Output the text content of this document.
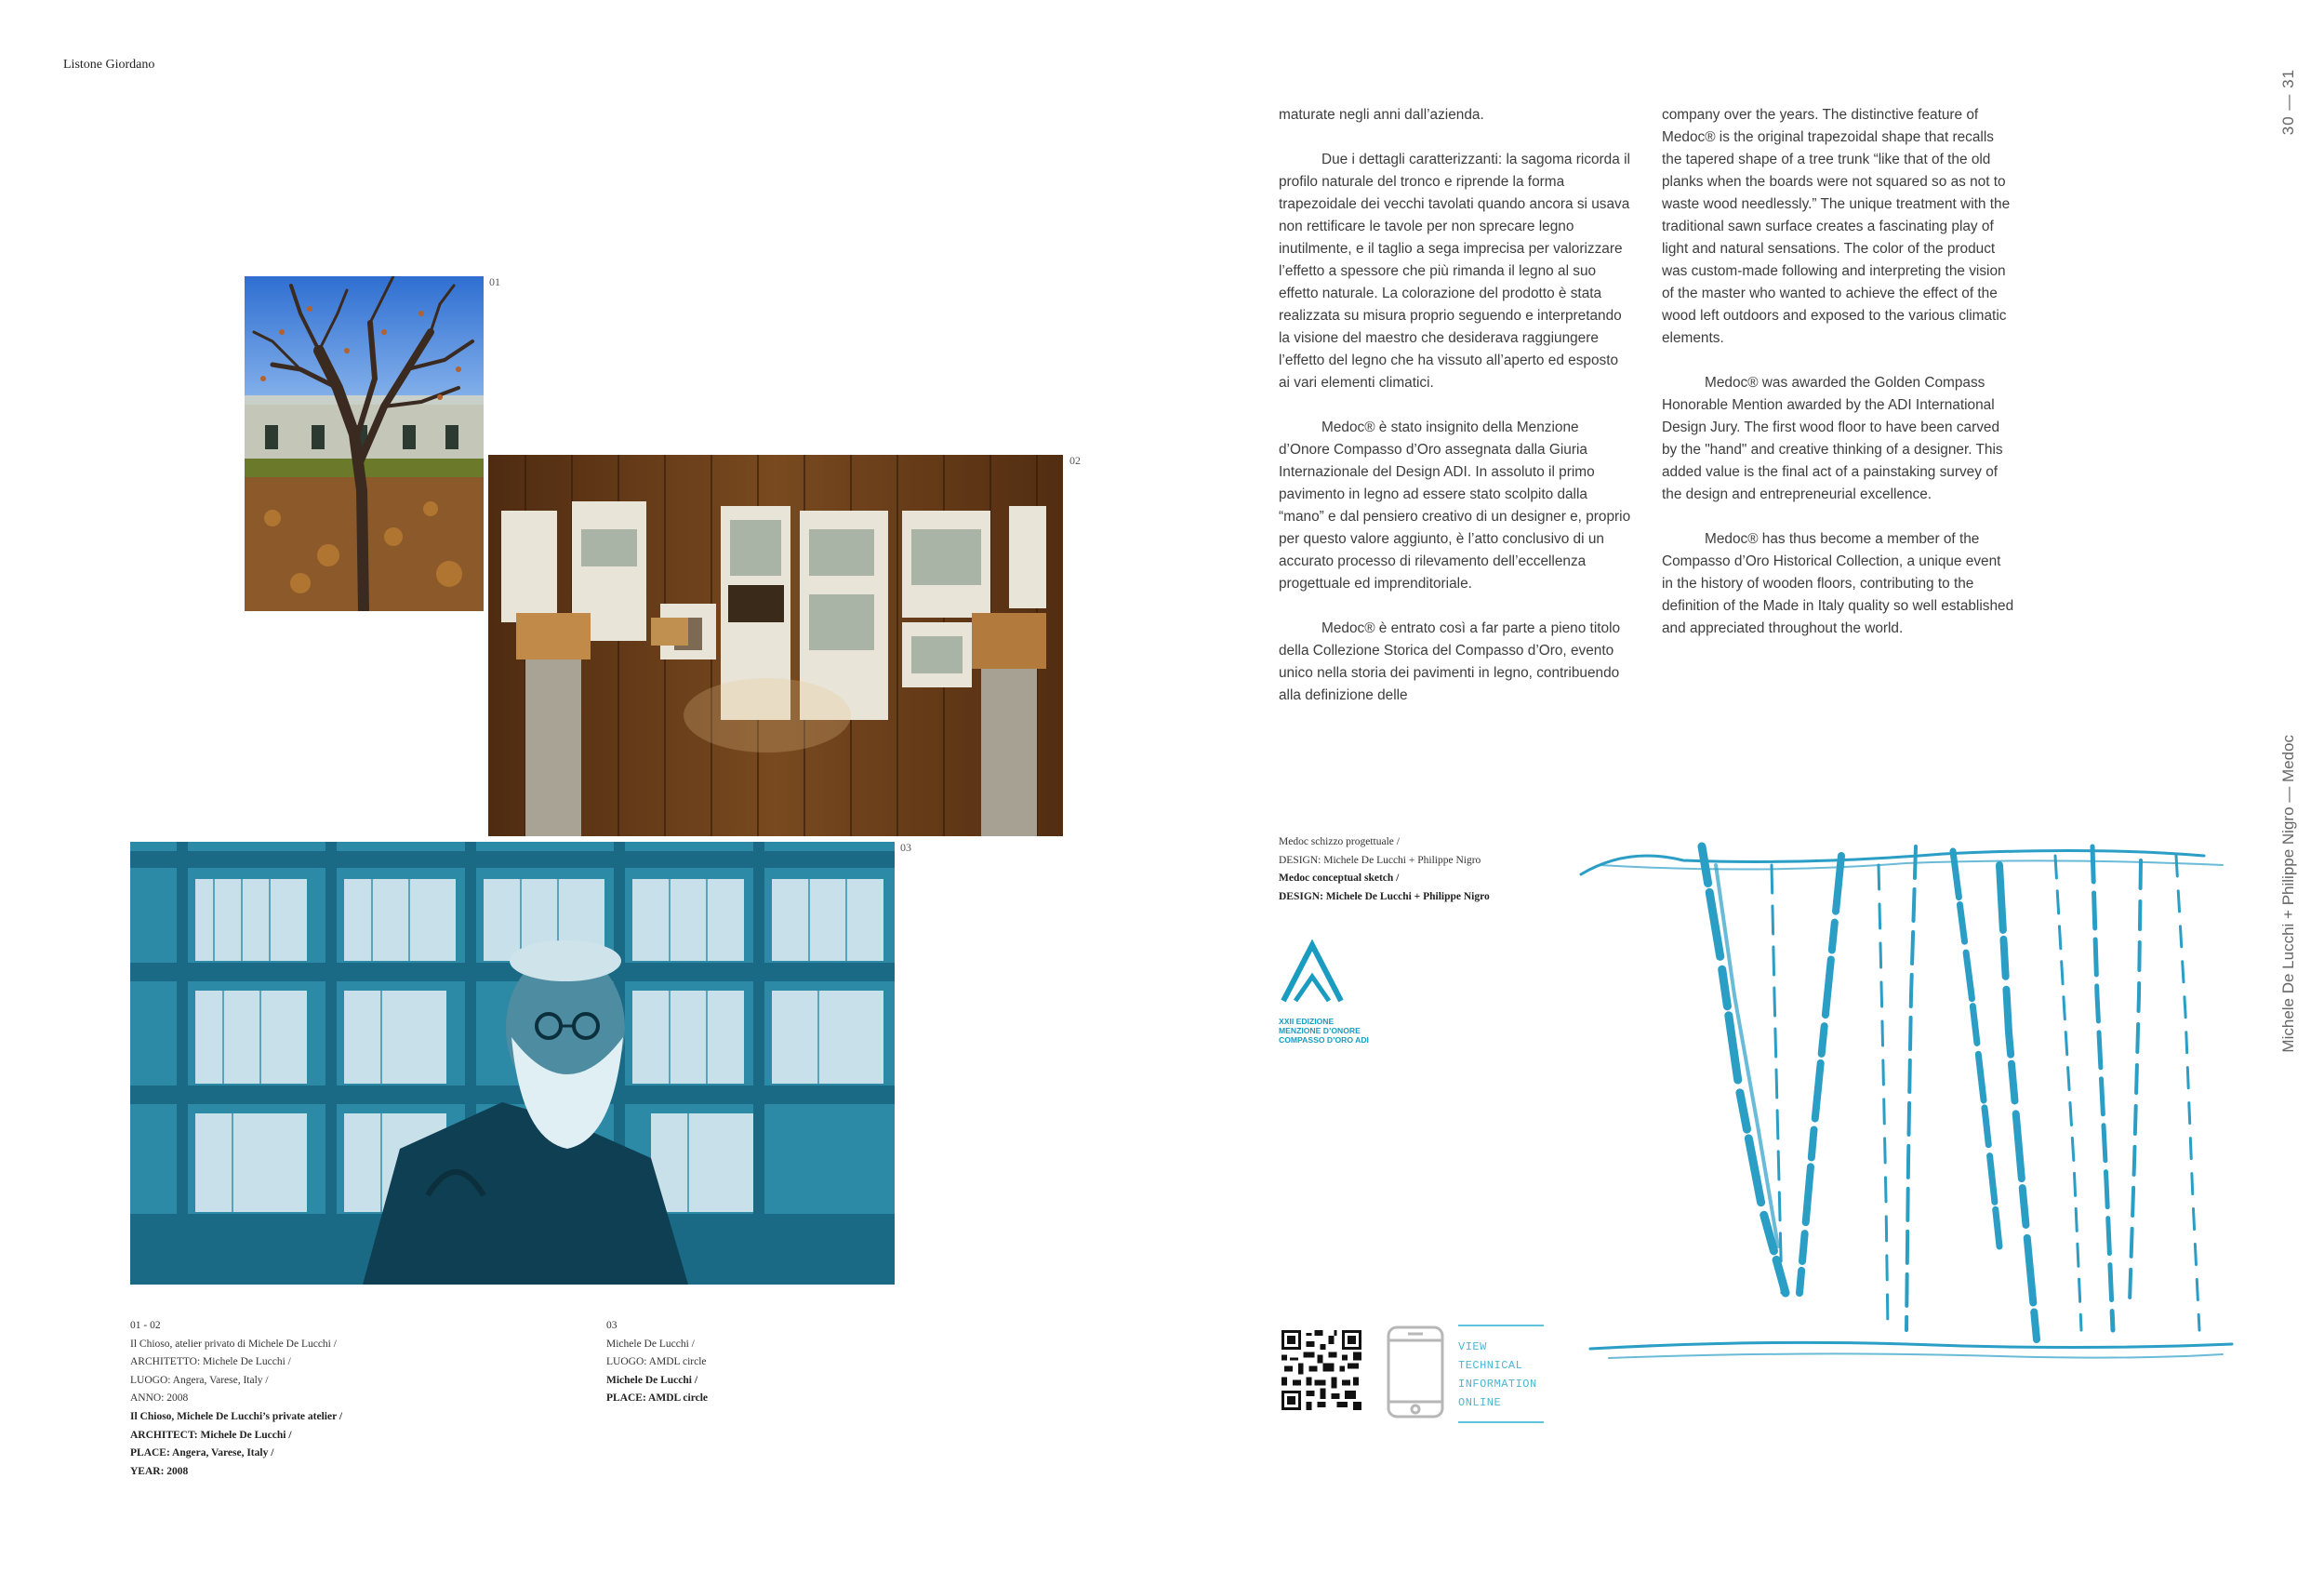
Listone Giordano
30 — 31
Michele De Lucchi + Philippe Nigro — Medoc
01
02
03

maturate negli anni dall’azienda.

Due i dettagli caratterizzanti: la sagoma ricorda il profilo naturale del tronco e riprende la forma trapezoidale dei vecchi tavolati quando ancora si usava non rettificare le tavole per non sprecare legno inutilmente, e il taglio a sega imprecisa per valorizzare l’effetto a spessore che più rimanda il legno al suo effetto naturale. La colorazione del prodotto è stata realizzata su misura proprio seguendo e interpretando la visione del maestro che desiderava raggiungere l’effetto del legno che ha vissuto all’aperto ed esposto ai vari elementi climatici.

Medoc® è stato insignito della Menzione d’Onore Compasso d’Oro assegnata dalla Giuria Internazionale del Design ADI. In assoluto il primo pavimento in legno ad essere stato scolpito dalla “mano” e dal pensiero creativo di un designer e, proprio per questo valore aggiunto, è l’atto conclusivo di un accurato processo di rilevamento dell’eccellenza progettuale ed imprenditoriale.

Medoc® è entrato così a far parte a pieno titolo della Collezione Storica del Compasso d’Oro, evento unico nella storia dei pavimenti in legno, contribuendo alla definizione delle

company over the years. The distinctive feature of Medoc® is the original trapezoidal shape that recalls the tapered shape of a tree trunk “like that of the old planks when the boards were not squared so as not to waste wood needlessly.” The unique treatment with the traditional sawn surface creates a fascinating play of light and natural sensations. The color of the product was custom-made following and interpreting the vision of the master who wanted to achieve the effect of the wood left outdoors and exposed to the various climatic elements.

Medoc® was awarded the Golden Compass Honorable Mention awarded by the ADI International Design Jury. The first wood floor to have been carved by the "hand" and creative thinking of a designer. This added value is the final act of a painstaking survey of the design and entrepreneurial excellence.

Medoc® has thus become a member of the Compasso d’Oro Historical Collection, a unique event in the history of wooden floors, contributing to the definition of the Made in Italy quality so well established and appreciated throughout the world.

Medoc schizzo progettuale /
DESIGN: Michele De Lucchi + Philippe Nigro
Medoc conceptual sketch /
DESIGN: Michele De Lucchi + Philippe Nigro
XXII EDIZIONE
MENZIONE D’ONORE
COMPASSO D’ORO ADI
VIEW
TECHNICAL
INFORMATION
ONLINE
01 - 02
Il Chioso, atelier privato di Michele De Lucchi /
ARCHITETTO: Michele De Lucchi /
LUOGO: Angera, Varese, Italy /
ANNO: 2008
Il Chioso, Michele De Lucchi’s private atelier /
ARCHITECT: Michele De Lucchi /
PLACE: Angera, Varese, Italy /
YEAR: 2008
03
Michele De Lucchi /
LUOGO: AMDL circle
Michele De Lucchi /
PLACE: AMDL circle
